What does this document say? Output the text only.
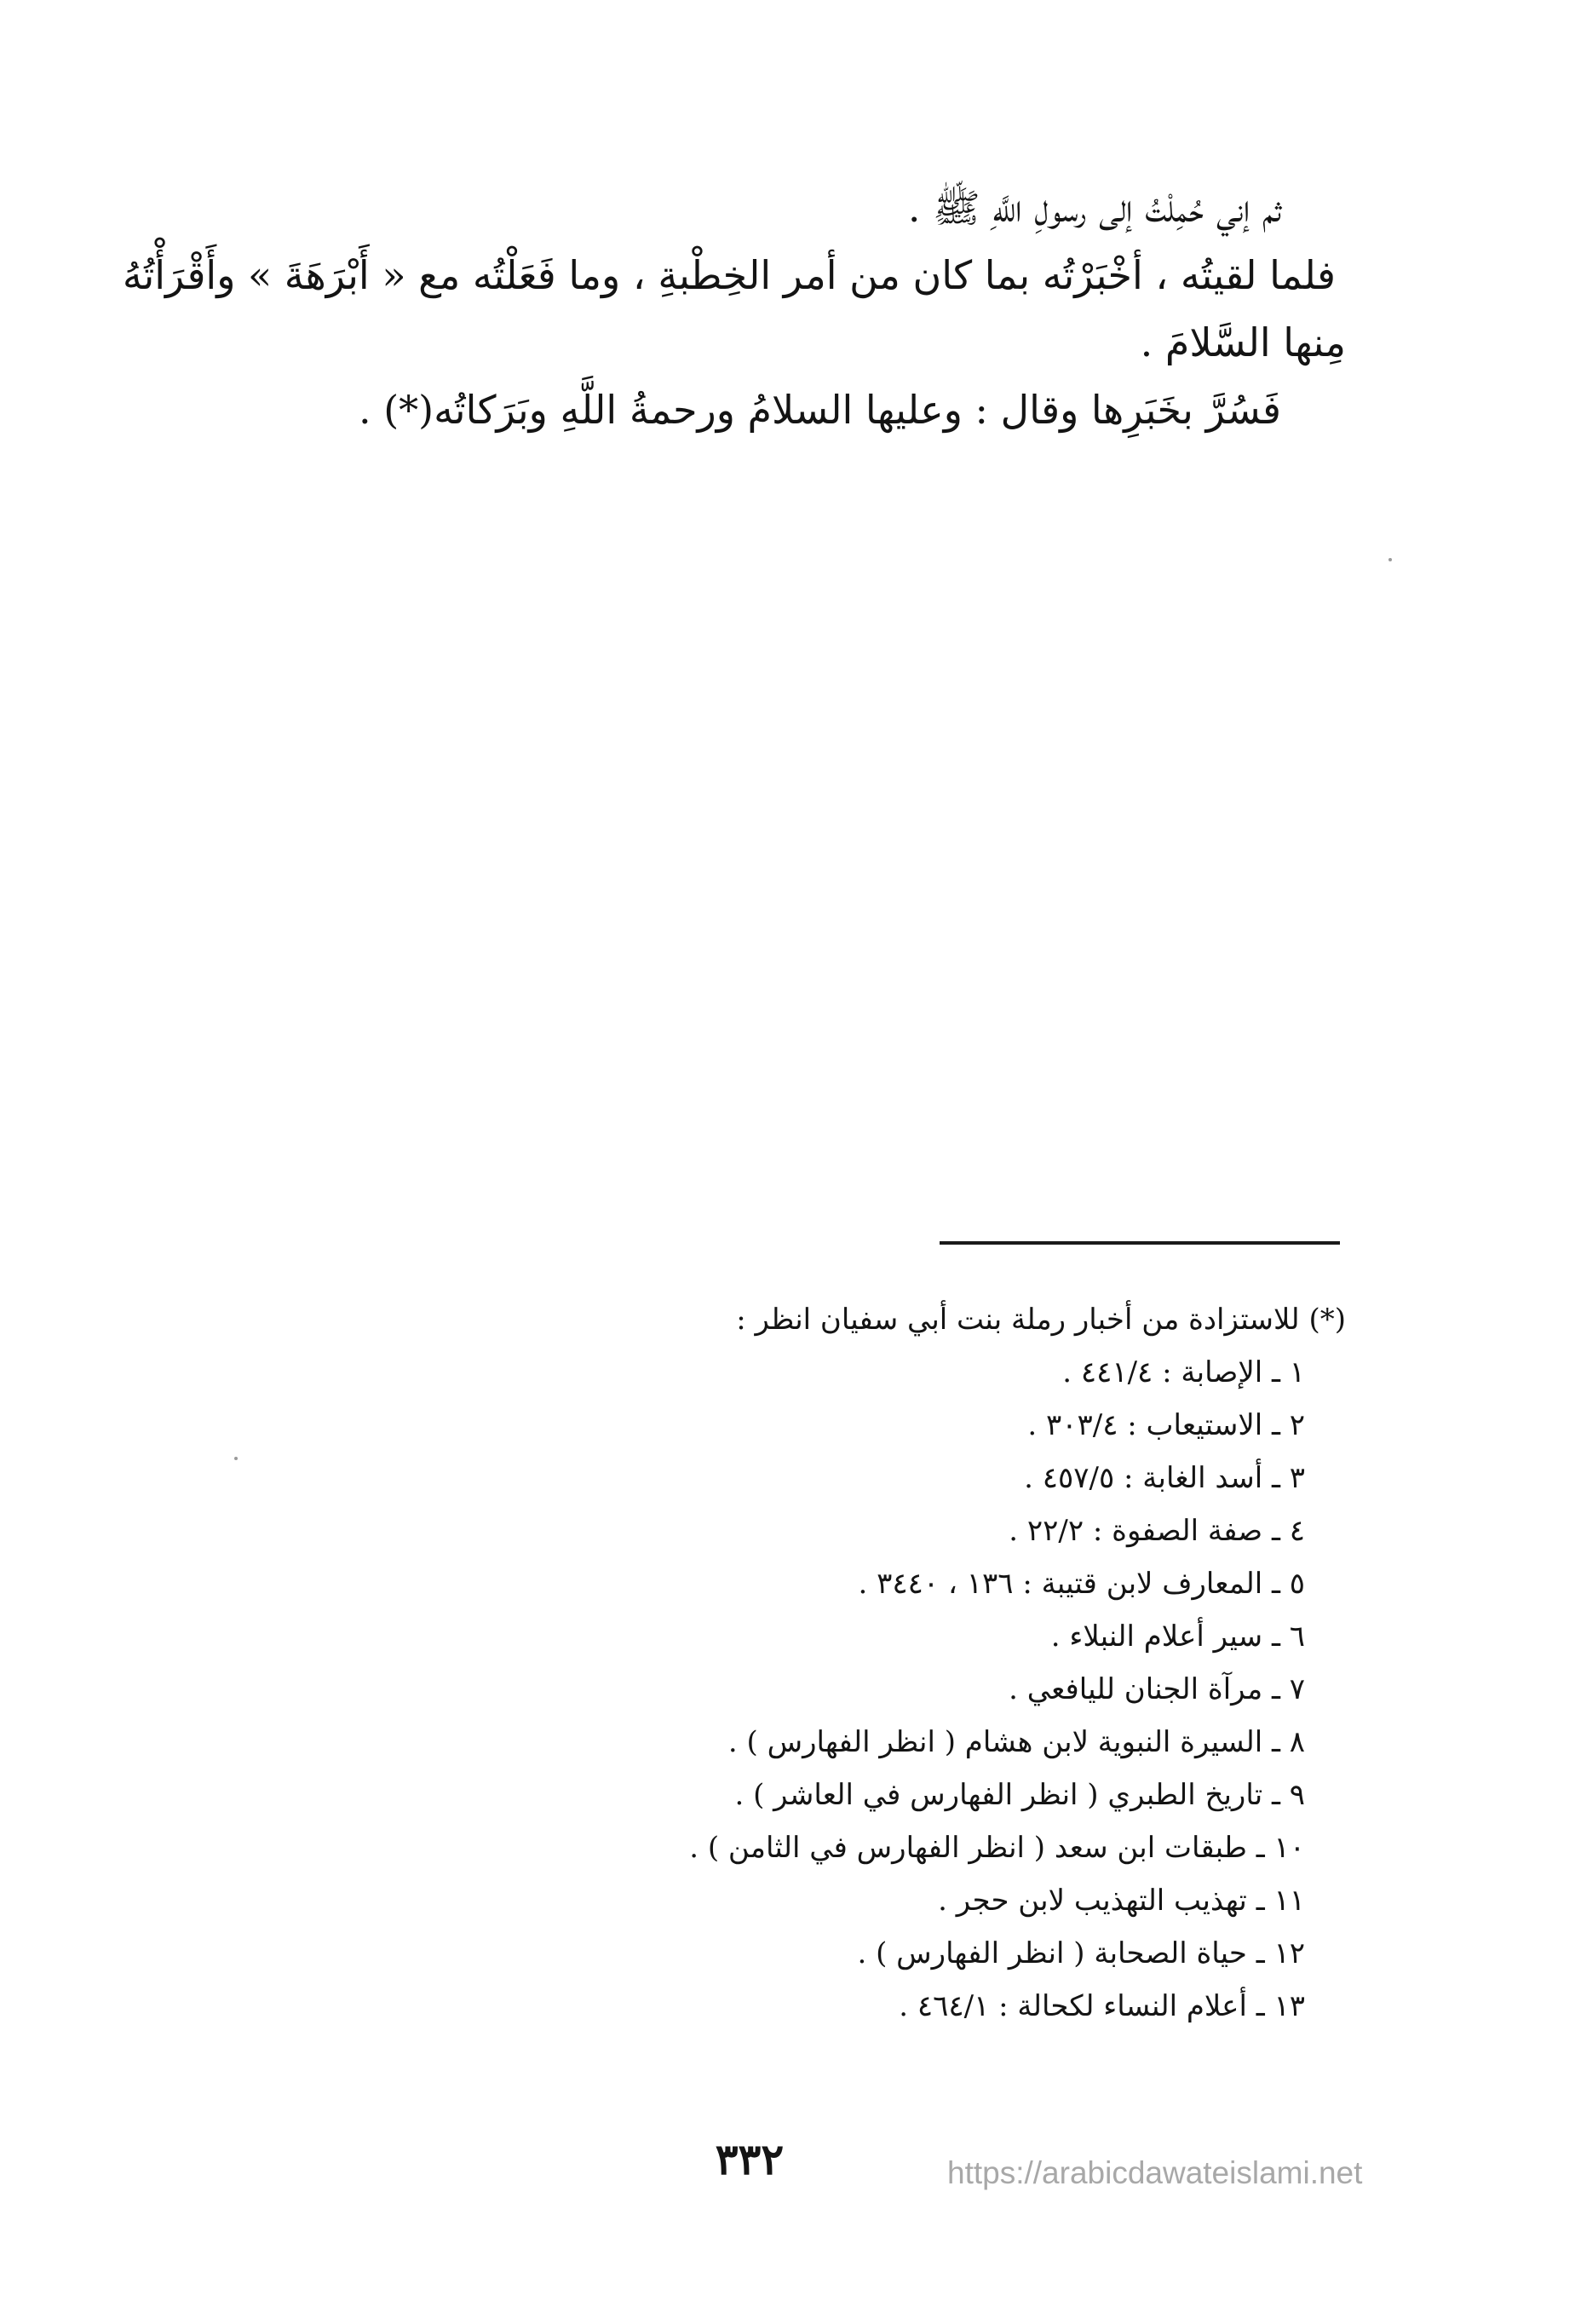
ثم إني حُمِلْتُ إلى رسولِ اللَّهِ ﷺ .
فلما لقيتُه ، أخْبَرْتُه بما كان من أمر الخِطْبةِ ، وما فَعَلْتُه مع « أَبْرَهَةَ » وأَقْرَأْتُهُ
مِنها السَّلامَ .
فَسُرَّ بخَبَرِها وقال : وعليها السلامُ ورحمةُ اللَّهِ وبَرَكاتُه(*) .
(*) للاستزادة من أخبار رملة بنت أبي سفيان انظر :
١ ـ الإصابة : ٤٤١/٤ .
٢ ـ الاستيعاب : ٣٠٣/٤ .
٣ ـ أسد الغابة : ٤٥٧/٥ .
٤ ـ صفة الصفوة : ٢٢/٢ .
٥ ـ المعارف لابن قتيبة : ١٣٦ ، ٣٤٤٠ .
٦ ـ سير أعلام النبلاء .
٧ ـ مرآة الجنان لليافعي .
٨ ـ السيرة النبوية لابن هشام ( انظر الفهارس ) .
٩ ـ تاريخ الطبري ( انظر الفهارس في العاشر ) .
١٠ ـ طبقات ابن سعد ( انظر الفهارس في الثامن ) .
١١ ـ تهذيب التهذيب لابن حجر .
١٢ ـ حياة الصحابة ( انظر الفهارس ) .
١٣ ـ أعلام النساء لكحالة : ٤٦٤/١ .
٣٣٢	https://arabicdawateislami.net
